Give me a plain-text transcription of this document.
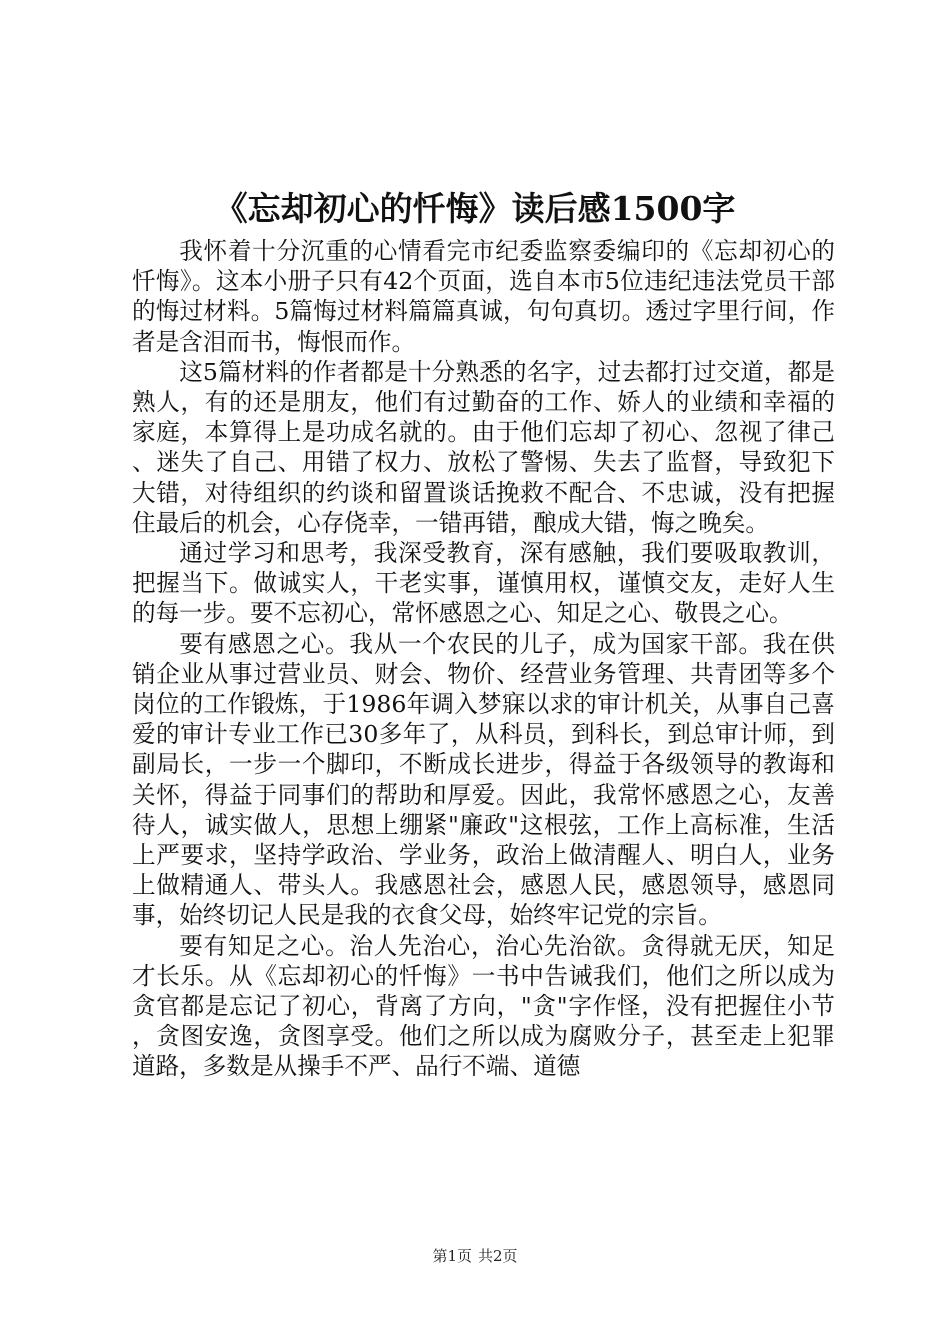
《忘却初心的忏悔》读后感1500字

我怀着十分沉重的心情看完市纪委监察委编印的《忘却初心的忏悔》。这本小册子只有42个页面，选自本市5位违纪违法党员干部的悔过材料。5篇悔过材料篇篇真诚，句句真切。透过字里行间，作者是含泪而书，悔恨而作。

这5篇材料的作者都是十分熟悉的名字，过去都打过交道，都是熟人，有的还是朋友，他们有过勤奋的工作、娇人的业绩和幸福的家庭，本算得上是功成名就的。由于他们忘却了初心、忽视了律己、迷失了自己、用错了权力、放松了警惕、失去了监督，导致犯下大错，对待组织的约谈和留置谈话挽救不配合、不忠诚，没有把握住最后的机会，心存侥幸，一错再错，酿成大错，悔之晚矣。

通过学习和思考，我深受教育，深有感触，我们要吸取教训，把握当下。做诚实人，干老实事，谨慎用权，谨慎交友，走好人生的每一步。要不忘初心，常怀感恩之心、知足之心、敬畏之心。

要有感恩之心。我从一个农民的儿子，成为国家干部。我在供销企业从事过营业员、财会、物价、经营业务管理、共青团等多个岗位的工作锻炼，于1986年调入梦寐以求的审计机关，从事自己喜爱的审计专业工作已30多年了，从科员，到科长，到总审计师，到副局长，一步一个脚印，不断成长进步，得益于各级领导的教诲和关怀，得益于同事们的帮助和厚爱。因此，我常怀感恩之心，友善待人，诚实做人，思想上绷紧"廉政"这根弦，工作上高标准，生活上严要求，坚持学政治、学业务，政治上做清醒人、明白人，业务上做精通人、带头人。我感恩社会，感恩人民，感恩领导，感恩同事，始终切记人民是我的衣食父母，始终牢记党的宗旨。

要有知足之心。治人先治心，治心先治欲。贪得就无厌，知足才长乐。从《忘却初心的忏悔》一书中告诫我们，他们之所以成为贪官都是忘记了初心，背离了方向，"贪"字作怪，没有把握住小节，贪图安逸，贪图享受。他们之所以成为腐败分子，甚至走上犯罪道路，多数是从操手不严、品行不端、道德

第1页 共2页
